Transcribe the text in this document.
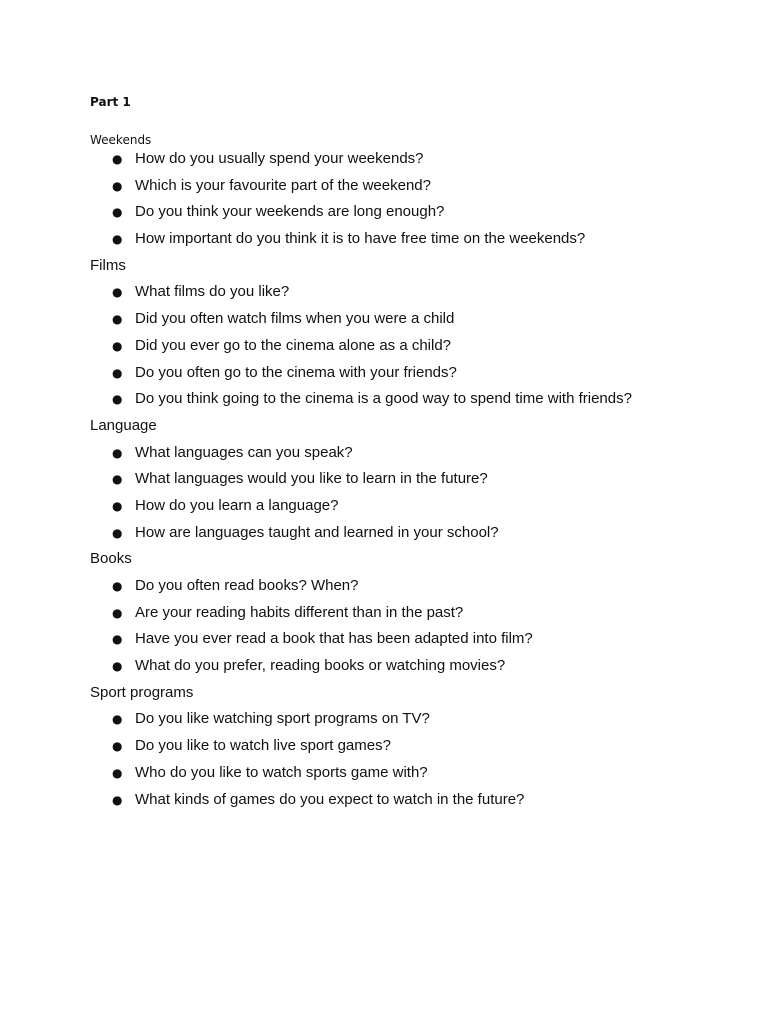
Part 1
Weekends
● How do you usually spend your weekends?
● Which is your favourite part of the weekend?
● Do you think your weekends are long enough?
● How important do you think it is to have free time on the weekends?
Films
● What films do you like?
● Did you often watch films when you were a child
● Did you ever go to the cinema alone as a child?
● Do you often go to the cinema with your friends?
● Do you think going to the cinema is a good way to spend time with friends?
Language
● What languages can you speak?
● What languages would you like to learn in the future?
● How do you learn a language?
● How are languages taught and learned in your school?
Books
● Do you often read books? When?
● Are your reading habits different than in the past?
● Have you ever read a book that has been adapted into film?
● What do you prefer, reading books or watching movies?
Sport programs
● Do you like watching sport programs on TV?
● Do you like to watch live sport games?
● Who do you like to watch sports game with?
● What kinds of games do you expect to watch in the future?
